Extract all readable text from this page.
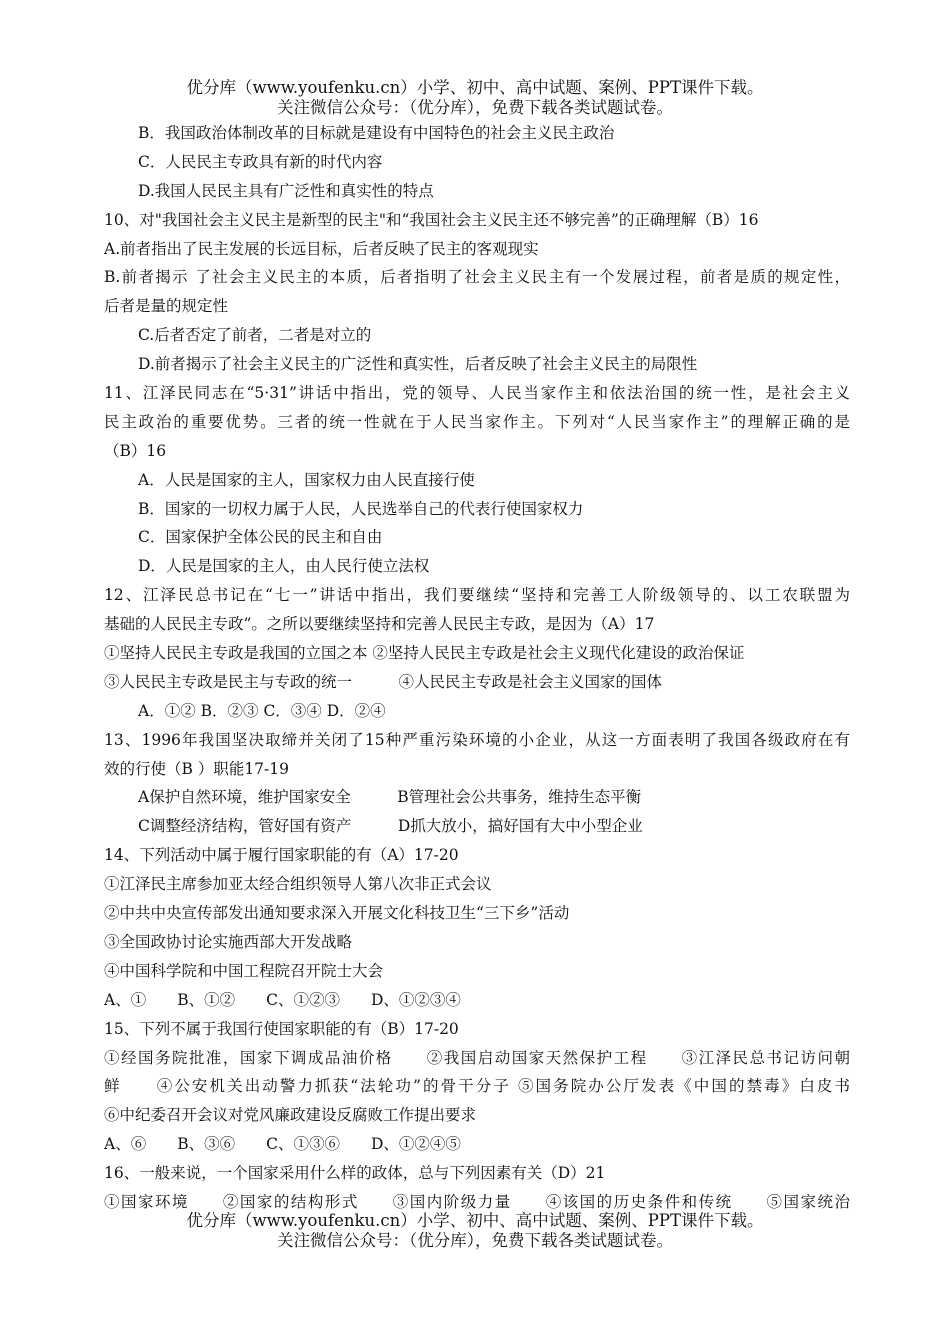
优分库（www.youfenku.cn）小学、初中、高中试题、案例、PPT课件下载。
关注微信公众号：（优分库），免费下载各类试题试卷。
B．我国政治体制改革的目标就是建设有中国特色的社会主义民主政治
C．人民民主专政具有新的时代内容
D.我国人民民主具有广泛性和真实性的特点
10、对"我国社会主义民主是新型的民主"和“我国社会主义民主还不够完善”的正确理解（B）16
A.前者指出了民主发展的长远目标，后者反映了民主的客观现实
B.前者揭示 了社会主义民主的本质，后者指明了社会主义民主有一个发展过程，前者是质的规定性，
后者是量的规定性
C.后者否定了前者，二者是对立的
D.前者揭示了社会主义民主的广泛性和真实性，后者反映了社会主义民主的局限性
11、江泽民同志在“5·31”讲话中指出，党的领导、人民当家作主和依法治国的统一性，是社会主义
民主政治的重要优势。三者的统一性就在于人民当家作主。下列对“人民当家作主”的理解正确的是
（B）16
A．人民是国家的主人，国家权力由人民直接行使
B．国家的一切权力属于人民，人民选举自己的代表行使国家权力
C．国家保护全体公民的民主和自由
D．人民是国家的主人，由人民行使立法权
12、江泽民总书记在“七一”讲话中指出，我们要继续“坚持和完善工人阶级领导的、以工农联盟为
基础的人民民主专政”。之所以要继续坚持和完善人民民主专政，是因为（A）17
①坚持人民民主专政是我国的立国之本 ②坚持人民民主专政是社会主义现代化建设的政治保证
③人民民主专政是民主与专政的统一　　　④人民民主专政是社会主义国家的国体
A．①② B．②③ C．③④ D．②④
13、1996年我国坚决取缔并关闭了15种严重污染环境的小企业，从这一方面表明了我国各级政府在有
效的行使（B ）职能17-19
A保护自然环境，维护国家安全　　　B管理社会公共事务，维持生态平衡
C调整经济结构，管好国有资产　　　D抓大放小，搞好国有大中小型企业
14、下列活动中属于履行国家职能的有（A）17-20
①江泽民主席参加亚太经合组织领导人第八次非正式会议
②中共中央宣传部发出通知要求深入开展文化科技卫生“三下乡”活动
③全国政协讨论实施西部大开发战略
④中国科学院和中国工程院召开院士大会
A、①　　B、①②　　C、①②③　　D、①②③④
15、下列不属于我国行使国家职能的有（B）17-20
①经国务院批准，国家下调成品油价格　　②我国启动国家天然保护工程　　③江泽民总书记访问朝
鲜　　④公安机关出动警力抓获“法轮功”的骨干分子 ⑤国务院办公厅发表《中国的禁毒》白皮书
⑥中纪委召开会议对党风廉政建设反腐败工作提出要求
A、⑥　　B、③⑥　　C、①③⑥　　D、①②④⑤
16、一般来说，一个国家采用什么样的政体，总与下列因素有关（D）21
①国家环境　　②国家的结构形式　　③国内阶级力量　　④该国的历史条件和传统　　⑤国家统治
优分库（www.youfenku.cn）小学、初中、高中试题、案例、PPT课件下载。
关注微信公众号：（优分库），免费下载各类试题试卷。
